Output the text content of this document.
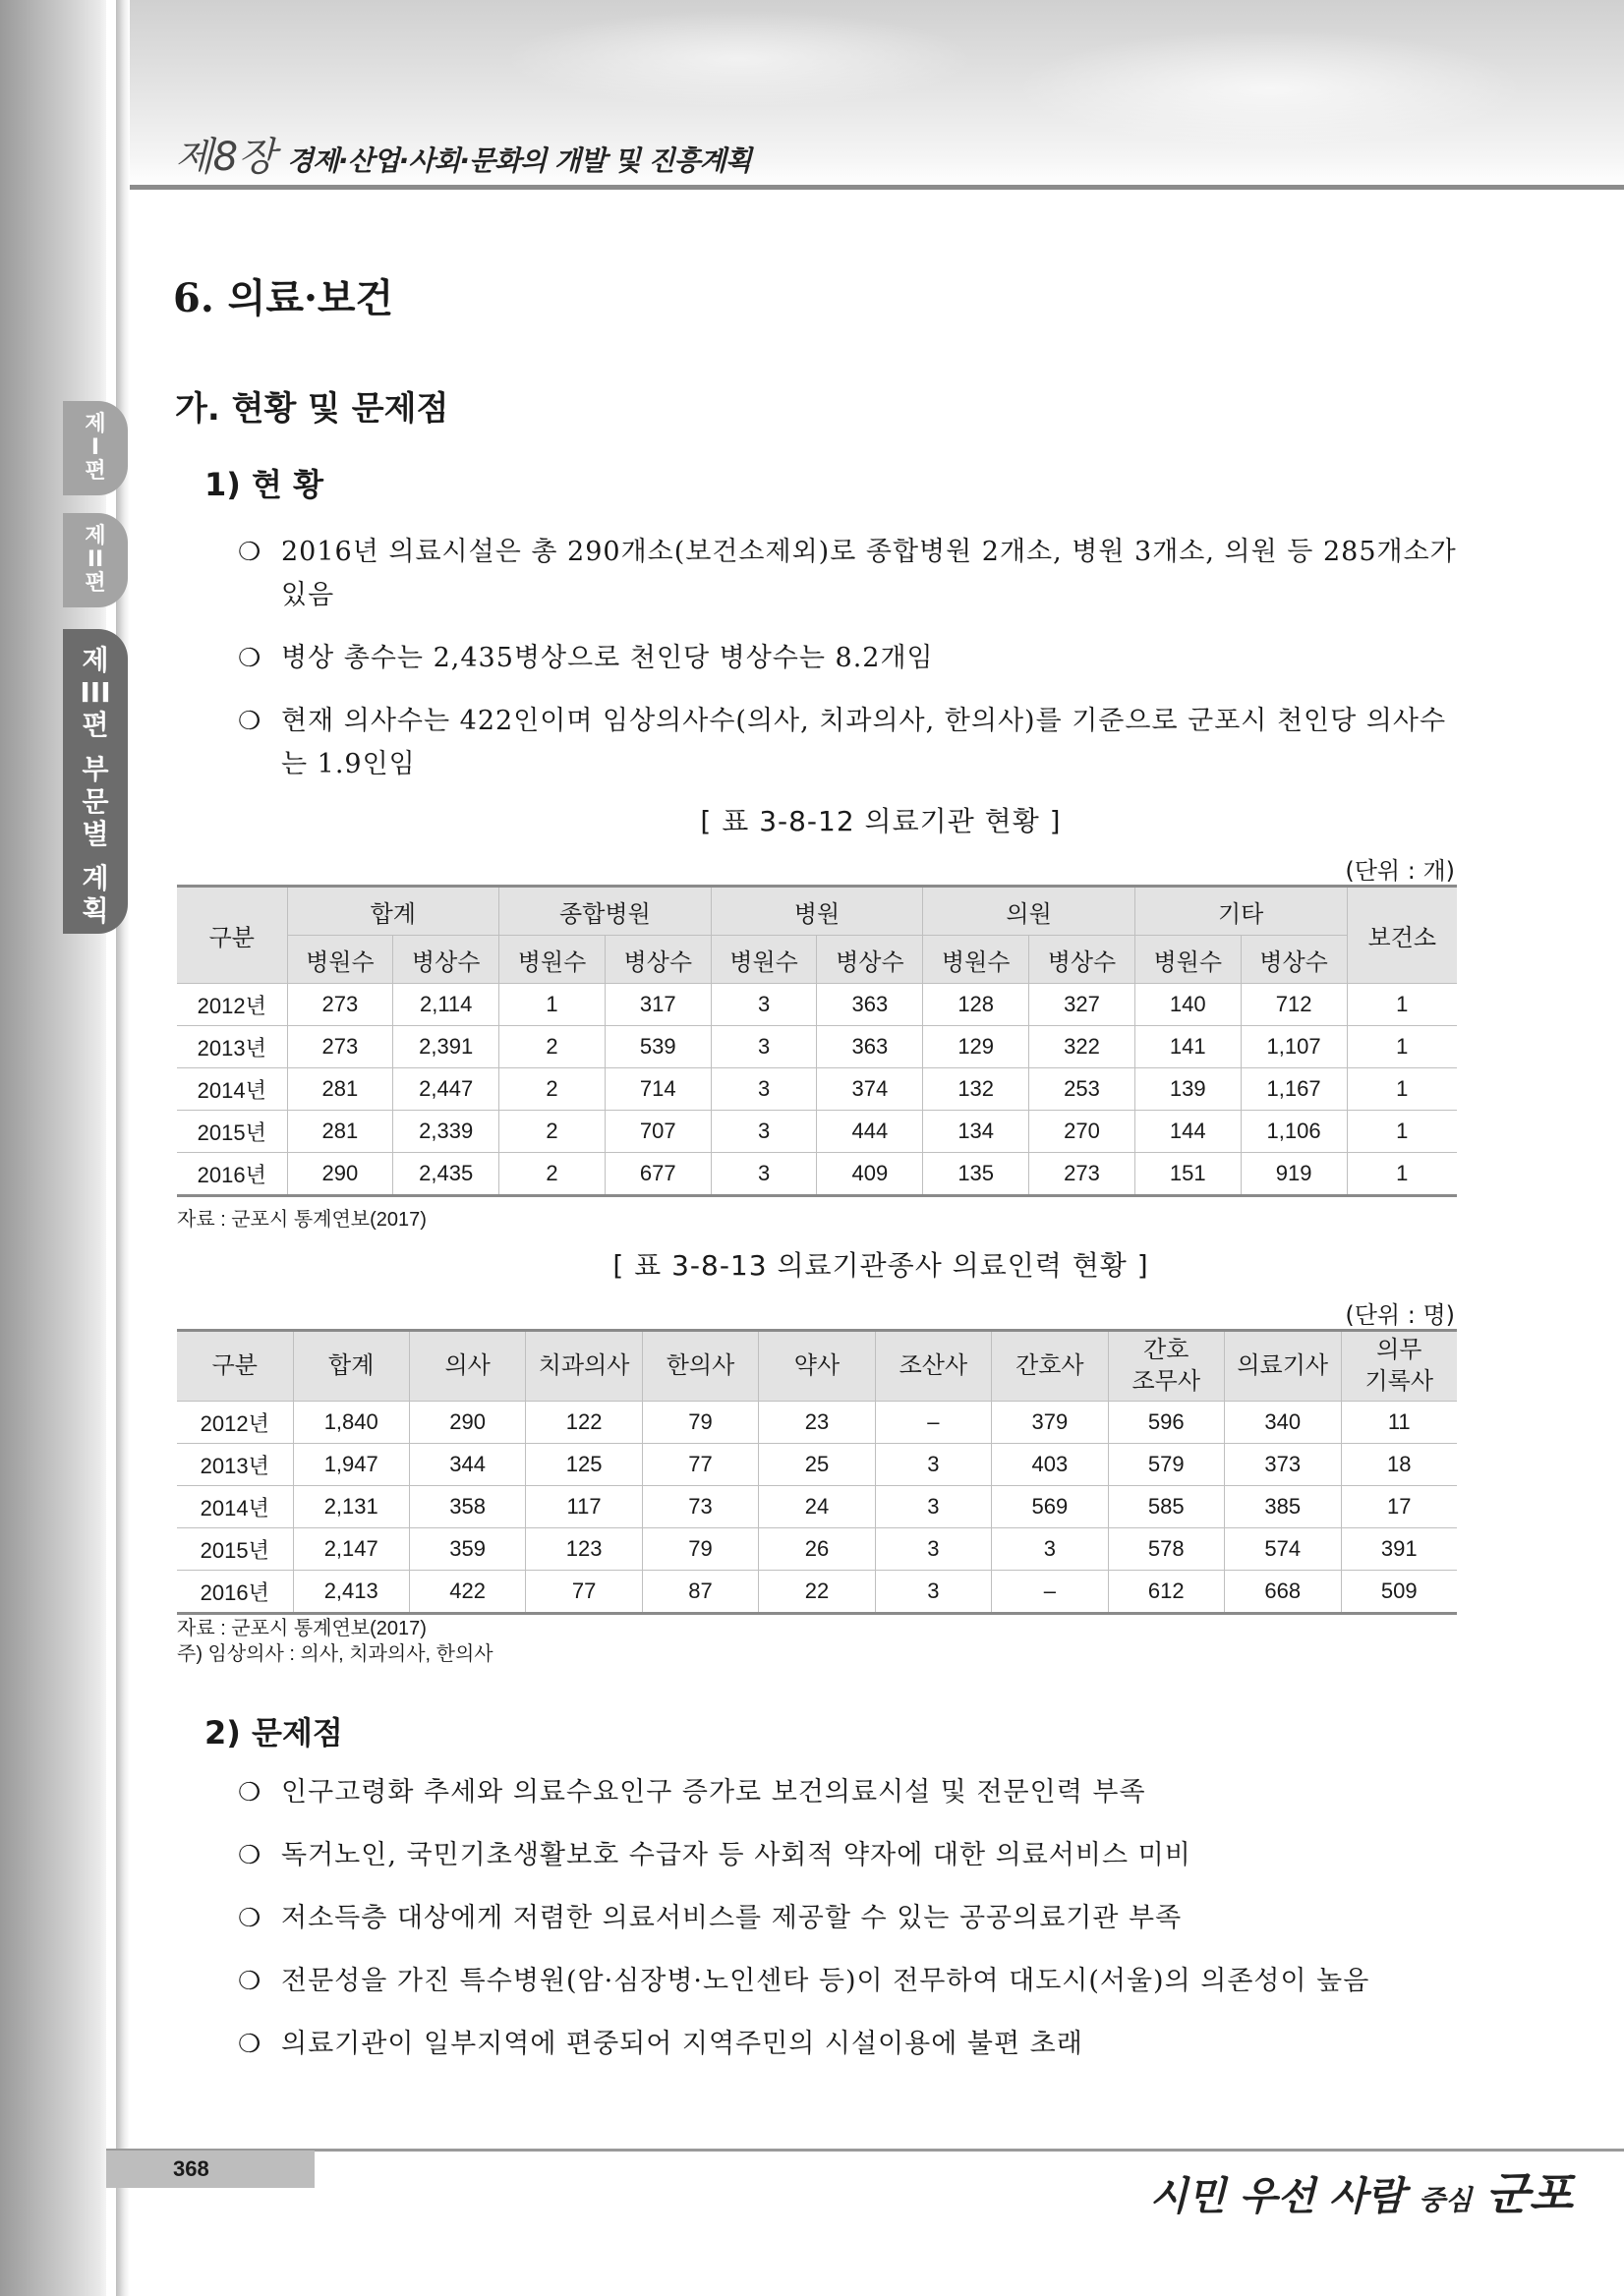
제
I
편
제
II
편
제
III
편
부
문
별
계
획
제8장 경제·산업·사회·문화의 개발 및 진흥계획
6. 의료·보건
가. 현황 및 문제점
1) 현 황
❍ 2016년 의료시설은 총 290개소(보건소제외)로 종합병원 2개소, 병원 3개소, 의원 등 285개소가 있음
❍ 병상 총수는 2,435병상으로 천인당 병상수는 8.2개임
❍ 현재 의사수는 422인이며 임상의사수(의사, 치과의사, 한의사)를 기준으로 군포시 천인당 의사수는 1.9인임
[ 표 3-8-12 의료기관 현황 ]
(단위 : 개)
구분	합계		종합병원		병원		의원		기타		보건소
	병원수	병상수	병원수	병상수	병원수	병상수	병원수	병상수	병원수	병상수	
2012년	273	2,114	1	317	3	363	128	327	140	712	1
2013년	273	2,391	2	539	3	363	129	322	141	1,107	1
2014년	281	2,447	2	714	3	374	132	253	139	1,167	1
2015년	281	2,339	2	707	3	444	134	270	144	1,106	1
2016년	290	2,435	2	677	3	409	135	273	151	919	1
자료 : 군포시 통계연보(2017)
[ 표 3-8-13 의료기관종사 의료인력 현황 ]
(단위 : 명)
구분	합계	의사	치과의사	한의사	약사	조산사	간호사	간호
조무사	의료기사	의무
기록사
2012년	1,840	290	122	79	23	–	379	596	340	11
2013년	1,947	344	125	77	25	3	403	579	373	18
2014년	2,131	358	117	73	24	3	569	585	385	17
2015년	2,147	359	123	79	26	3	3	578	574	391
2016년	2,413	422	77	87	22	3	–	612	668	509
자료 : 군포시 통계연보(2017)
주) 임상의사 : 의사, 치과의사, 한의사
2) 문제점
❍ 인구고령화 추세와 의료수요인구 증가로 보건의료시설 및 전문인력 부족
❍ 독거노인, 국민기초생활보호 수급자 등 사회적 약자에 대한 의료서비스 미비
❍ 저소득층 대상에게 저렴한 의료서비스를 제공할 수 있는 공공의료기관 부족
❍ 전문성을 가진 특수병원(암·심장병·노인센타 등)이 전무하여 대도시(서울)의 의존성이 높음
❍ 의료기관이 일부지역에 편중되어 지역주민의 시설이용에 불편 초래
368
시민 우선 사람 중심 군포
